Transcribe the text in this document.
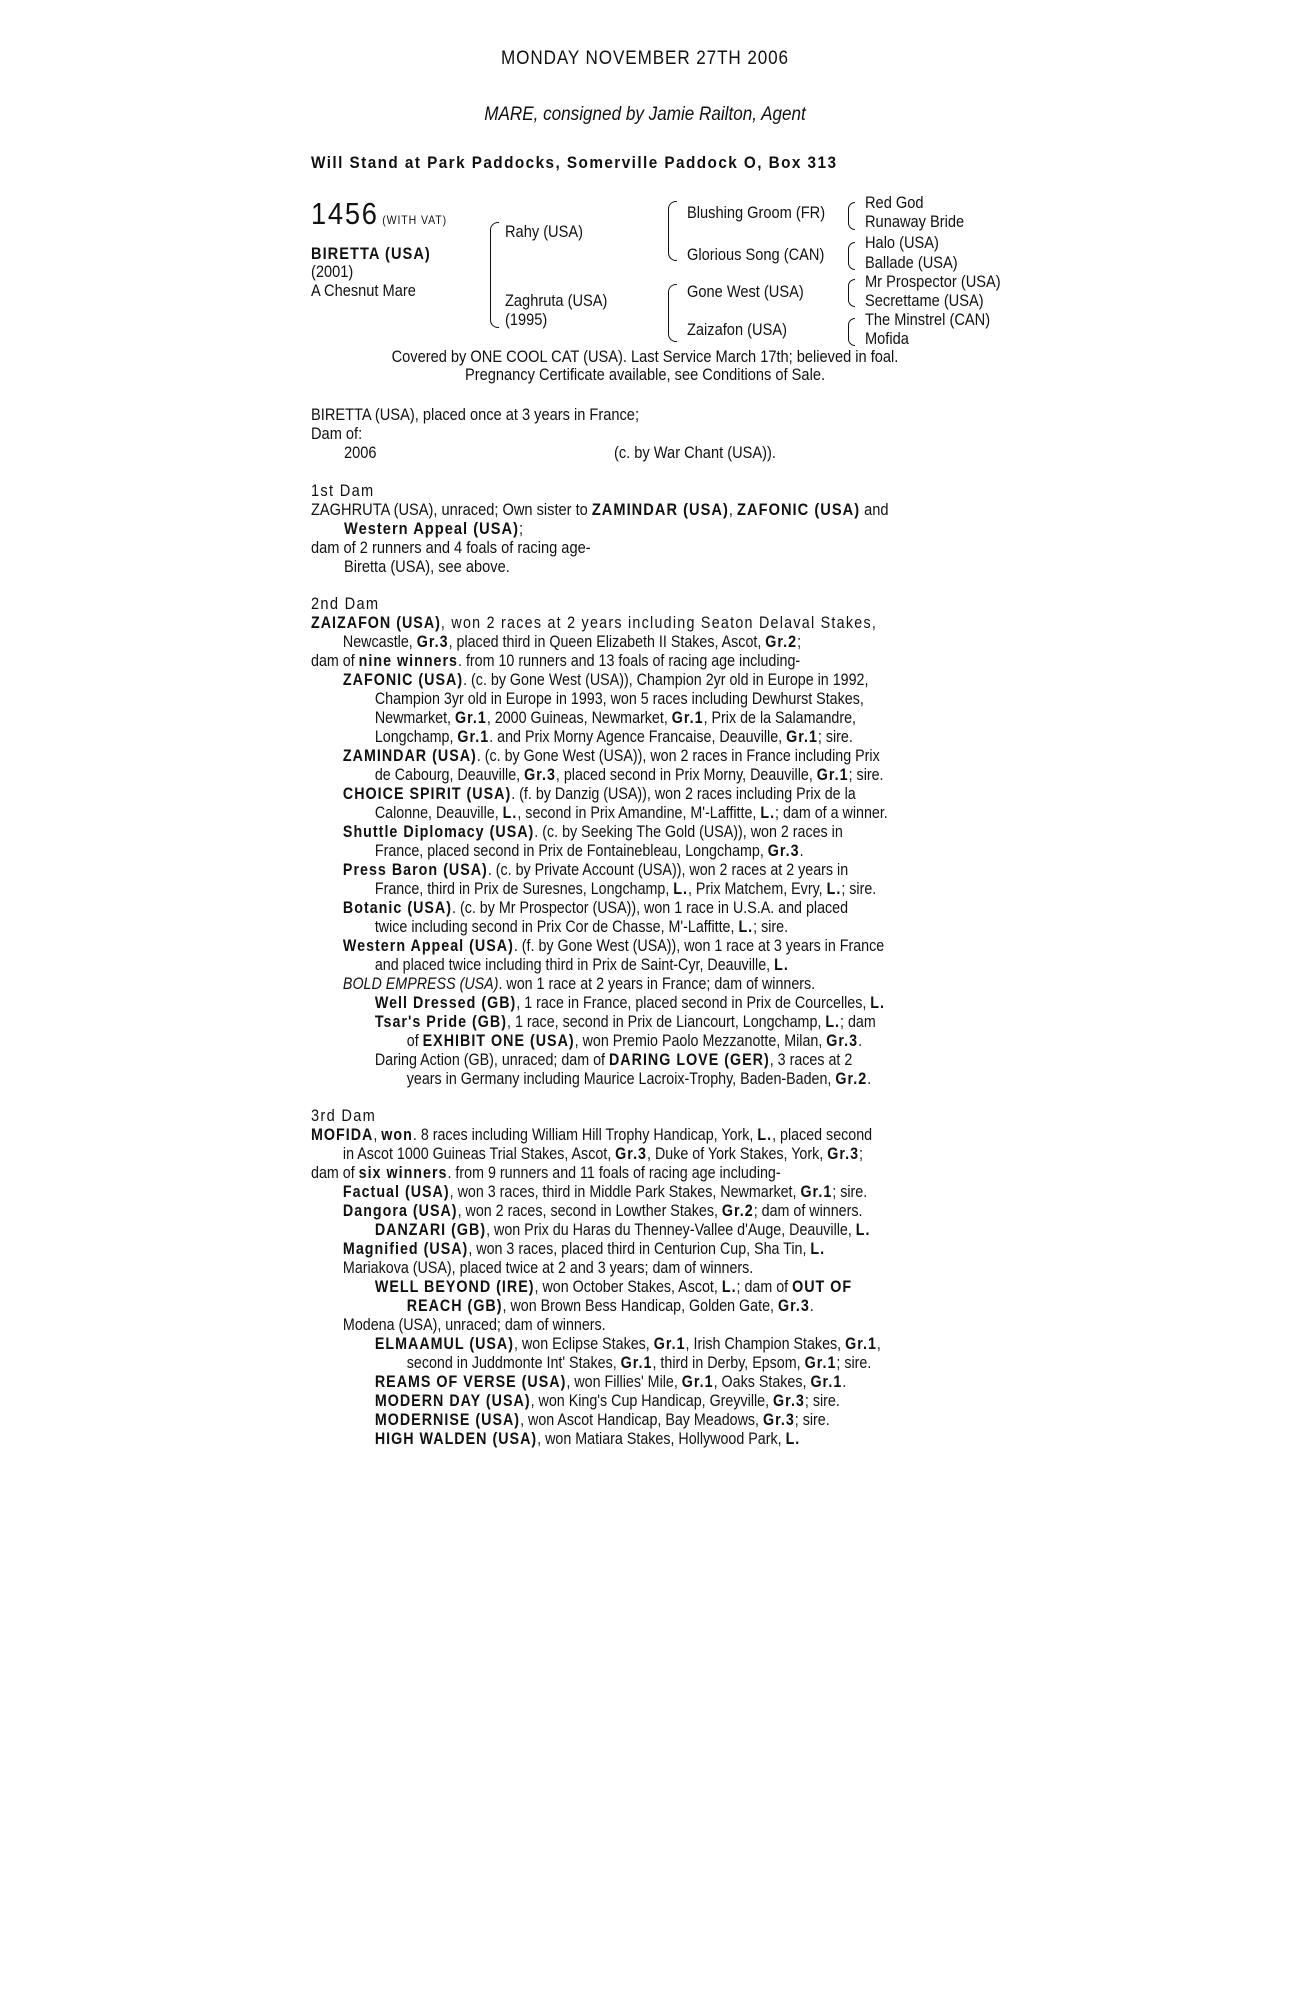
MONDAY NOVEMBER 27TH 2006
MARE, consigned by Jamie Railton, Agent
Will Stand at Park Paddocks, Somerville Paddock O, Box 313
1456 (WITH VAT)
BIRETTA (USA)
(2001)
A Chesnut Mare
Rahy (USA)
Zaghruta (USA)
(1995)
Blushing Groom (FR)
Glorious Song (CAN)
Gone West (USA)
Zaizafon (USA)
Red God
Runaway Bride
Halo (USA)
Ballade (USA)
Mr Prospector (USA)
Secrettame (USA)
The Minstrel (CAN)
Mofida
Covered by ONE COOL CAT (USA). Last Service March 17th; believed in foal.
Pregnancy Certificate available, see Conditions of Sale.
BIRETTA (USA), placed once at 3 years in France;
Dam of:
2006	(c. by War Chant (USA)).
1st Dam
ZAGHRUTA (USA), unraced; Own sister to ZAMINDAR (USA), ZAFONIC (USA) and
Western Appeal (USA);
dam of 2 runners and 4 foals of racing age-
Biretta (USA), see above.
2nd Dam
ZAIZAFON (USA), won 2 races at 2 years including Seaton Delaval Stakes,
Newcastle, Gr.3, placed third in Queen Elizabeth II Stakes, Ascot, Gr.2;
dam of nine winners. from 10 runners and 13 foals of racing age including-
ZAFONIC (USA). (c. by Gone West (USA)), Champion 2yr old in Europe in 1992,
Champion 3yr old in Europe in 1993, won 5 races including Dewhurst Stakes,
Newmarket, Gr.1, 2000 Guineas, Newmarket, Gr.1, Prix de la Salamandre,
Longchamp, Gr.1. and Prix Morny Agence Francaise, Deauville, Gr.1; sire.
ZAMINDAR (USA). (c. by Gone West (USA)), won 2 races in France including Prix
de Cabourg, Deauville, Gr.3, placed second in Prix Morny, Deauville, Gr.1; sire.
CHOICE SPIRIT (USA). (f. by Danzig (USA)), won 2 races including Prix de la
Calonne, Deauville, L., second in Prix Amandine, M'-Laffitte, L.; dam of a winner.
Shuttle Diplomacy (USA). (c. by Seeking The Gold (USA)), won 2 races in
France, placed second in Prix de Fontainebleau, Longchamp, Gr.3.
Press Baron (USA). (c. by Private Account (USA)), won 2 races at 2 years in
France, third in Prix de Suresnes, Longchamp, L., Prix Matchem, Evry, L.; sire.
Botanic (USA). (c. by Mr Prospector (USA)), won 1 race in U.S.A. and placed
twice including second in Prix Cor de Chasse, M'-Laffitte, L.; sire.
Western Appeal (USA). (f. by Gone West (USA)), won 1 race at 3 years in France
and placed twice including third in Prix de Saint-Cyr, Deauville, L.
BOLD EMPRESS (USA). won 1 race at 2 years in France; dam of winners.
Well Dressed (GB), 1 race in France, placed second in Prix de Courcelles, L.
Tsar's Pride (GB), 1 race, second in Prix de Liancourt, Longchamp, L.; dam
of EXHIBIT ONE (USA), won Premio Paolo Mezzanotte, Milan, Gr.3.
Daring Action (GB), unraced; dam of DARING LOVE (GER), 3 races at 2
years in Germany including Maurice Lacroix-Trophy, Baden-Baden, Gr.2.
3rd Dam
MOFIDA, won. 8 races including William Hill Trophy Handicap, York, L., placed second
in Ascot 1000 Guineas Trial Stakes, Ascot, Gr.3, Duke of York Stakes, York, Gr.3;
dam of six winners. from 9 runners and 11 foals of racing age including-
Factual (USA), won 3 races, third in Middle Park Stakes, Newmarket, Gr.1; sire.
Dangora (USA), won 2 races, second in Lowther Stakes, Gr.2; dam of winners.
DANZARI (GB), won Prix du Haras du Thenney-Vallee d'Auge, Deauville, L.
Magnified (USA), won 3 races, placed third in Centurion Cup, Sha Tin, L.
Mariakova (USA), placed twice at 2 and 3 years; dam of winners.
WELL BEYOND (IRE), won October Stakes, Ascot, L.; dam of OUT OF
REACH (GB), won Brown Bess Handicap, Golden Gate, Gr.3.
Modena (USA), unraced; dam of winners.
ELMAAMUL (USA), won Eclipse Stakes, Gr.1, Irish Champion Stakes, Gr.1,
second in Juddmonte Int' Stakes, Gr.1, third in Derby, Epsom, Gr.1; sire.
REAMS OF VERSE (USA), won Fillies' Mile, Gr.1, Oaks Stakes, Gr.1.
MODERN DAY (USA), won King's Cup Handicap, Greyville, Gr.3; sire.
MODERNISE (USA), won Ascot Handicap, Bay Meadows, Gr.3; sire.
HIGH WALDEN (USA), won Matiara Stakes, Hollywood Park, L.
